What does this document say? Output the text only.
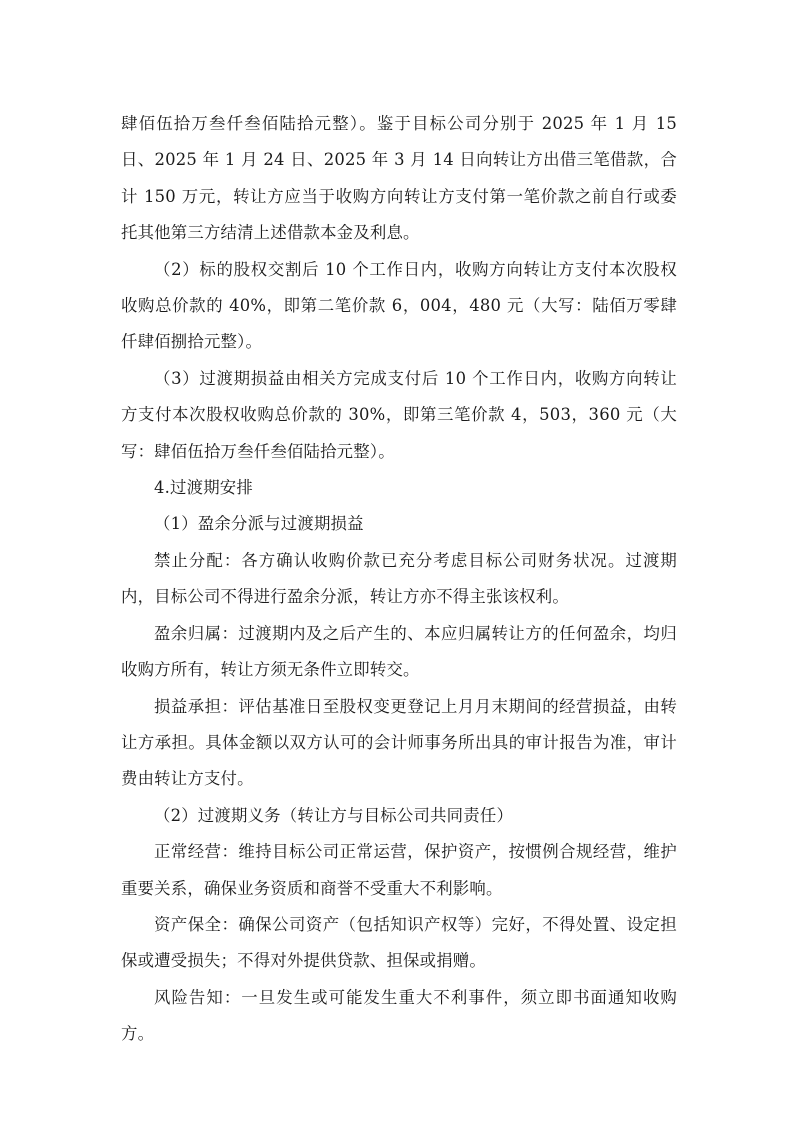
肆佰伍拾万叁仟叁佰陆拾元整）。鉴于目标公司分别于 2025 年 1 月 15 日、2025 年 1 月 24 日、2025 年 3 月 14 日向转让方出借三笔借款，合计 150 万元，转让方应当于收购方向转让方支付第一笔价款之前自行或委托其他第三方结清上述借款本金及利息。

（2）标的股权交割后 10 个工作日内，收购方向转让方支付本次股权收购总价款的 40%，即第二笔价款 6，004，480 元（大写：陆佰万零肆仟肆佰捌拾元整）。

（3）过渡期损益由相关方完成支付后 10 个工作日内，收购方向转让方支付本次股权收购总价款的 30%，即第三笔价款 4，503，360 元（大写：肆佰伍拾万叁仟叁佰陆拾元整）。

4.过渡期安排

（1）盈余分派与过渡期损益

禁止分配：各方确认收购价款已充分考虑目标公司财务状况。过渡期内，目标公司不得进行盈余分派，转让方亦不得主张该权利。

盈余归属：过渡期内及之后产生的、本应归属转让方的任何盈余，均归收购方所有，转让方须无条件立即转交。

损益承担：评估基准日至股权变更登记上月月末期间的经营损益，由转让方承担。具体金额以双方认可的会计师事务所出具的审计报告为准，审计费由转让方支付。

（2）过渡期义务（转让方与目标公司共同责任）

正常经营：维持目标公司正常运营，保护资产，按惯例合规经营，维护重要关系，确保业务资质和商誉不受重大不利影响。

资产保全：确保公司资产（包括知识产权等）完好，不得处置、设定担保或遭受损失；不得对外提供贷款、担保或捐赠。

风险告知：一旦发生或可能发生重大不利事件，须立即书面通知收购方。
